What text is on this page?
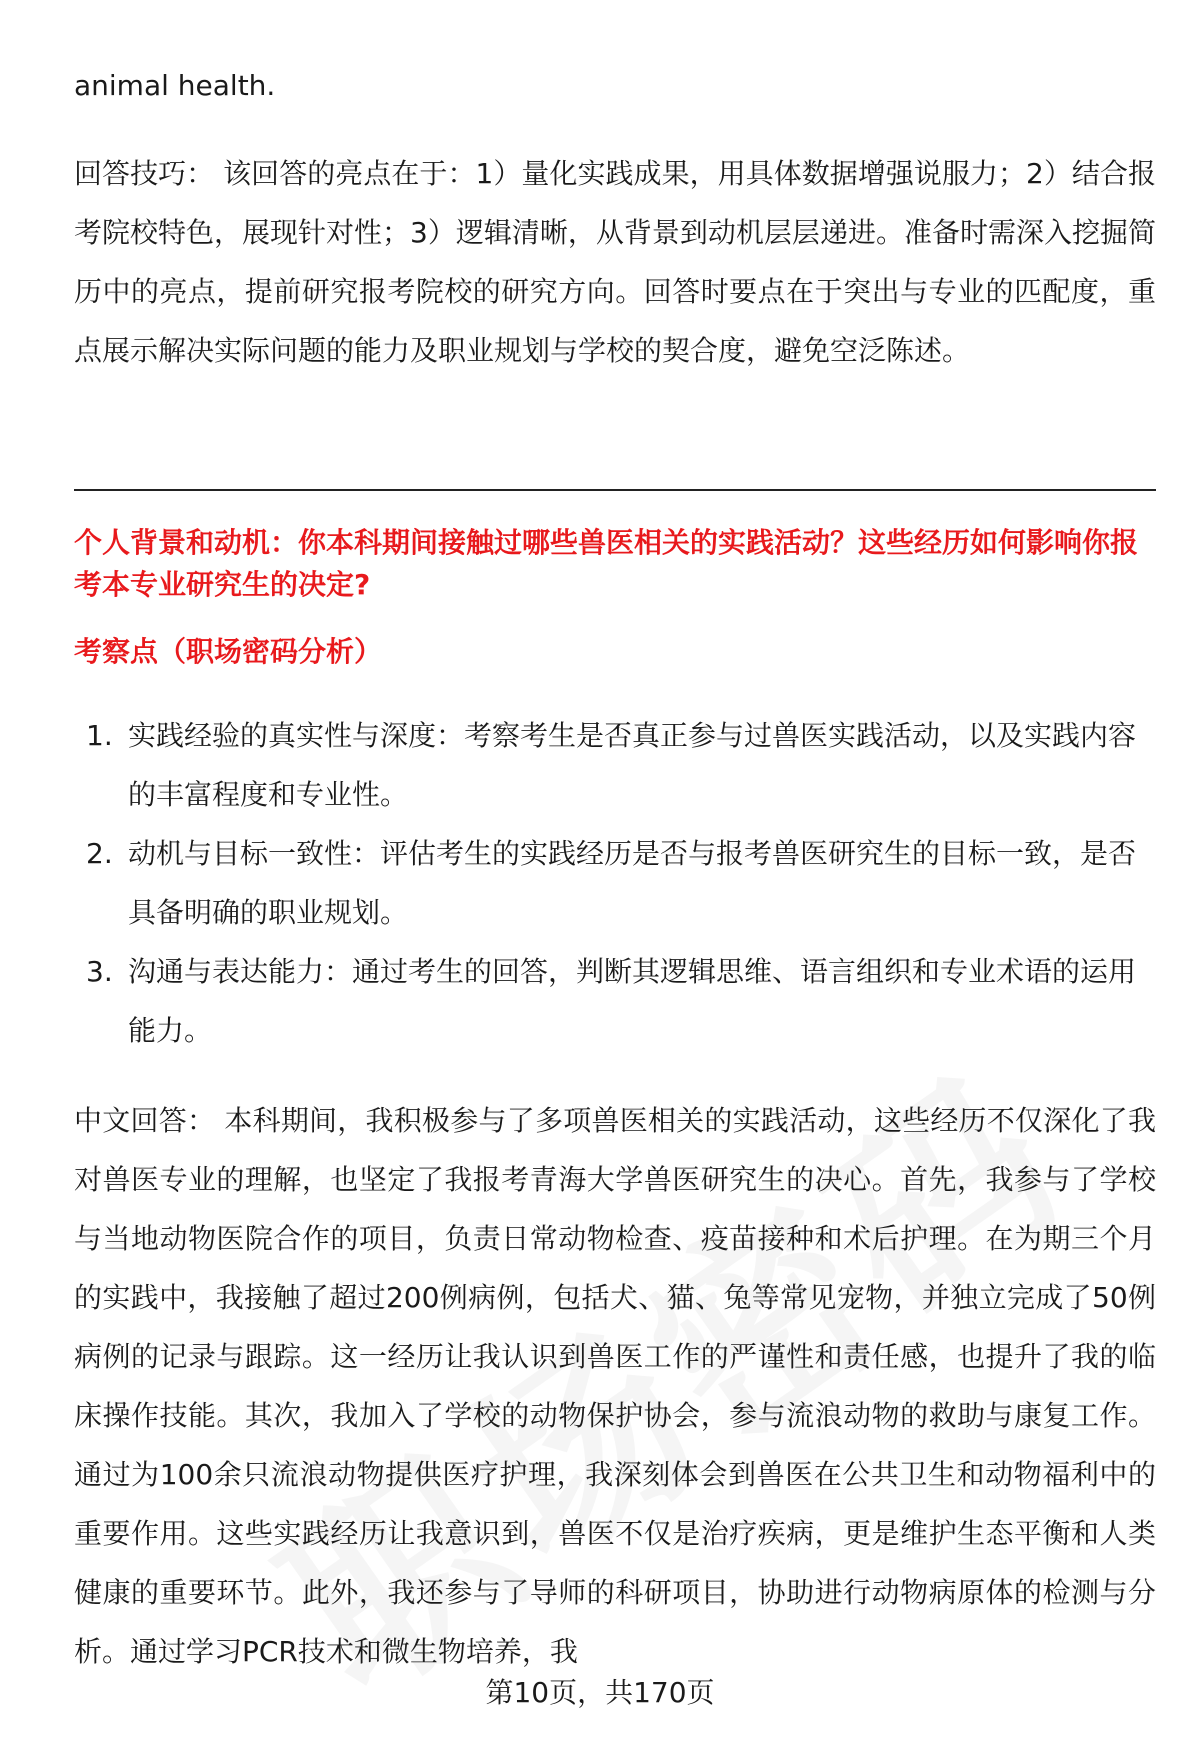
animal health.

回答技巧： 该回答的亮点在于：1）量化实践成果，用具体数据增强说服力；2）结合报考院校特色，展现针对性；3）逻辑清晰，从背景到动机层层递进。准备时需深入挖掘简历中的亮点，提前研究报考院校的研究方向。回答时要点在于突出与专业的匹配度，重点展示解决实际问题的能力及职业规划与学校的契合度，避免空泛陈述。

个人背景和动机：你本科期间接触过哪些兽医相关的实践活动？这些经历如何影响你报考本专业研究生的决定?

考察点（职场密码分析）

1. 实践经验的真实性与深度：考察考生是否真正参与过兽医实践活动，以及实践内容的丰富程度和专业性。
2. 动机与目标一致性：评估考生的实践经历是否与报考兽医研究生的目标一致，是否具备明确的职业规划。
3. 沟通与表达能力：通过考生的回答，判断其逻辑思维、语言组织和专业术语的运用能力。

中文回答： 本科期间，我积极参与了多项兽医相关的实践活动，这些经历不仅深化了我对兽医专业的理解，也坚定了我报考青海大学兽医研究生的决心。首先，我参与了学校与当地动物医院合作的项目，负责日常动物检查、疫苗接种和术后护理。在为期三个月的实践中，我接触了超过200例病例，包括犬、猫、兔等常见宠物，并独立完成了50例病例的记录与跟踪。这一经历让我认识到兽医工作的严谨性和责任感，也提升了我的临床操作技能。其次，我加入了学校的动物保护协会，参与流浪动物的救助与康复工作。通过为100余只流浪动物提供医疗护理，我深刻体会到兽医在公共卫生和动物福利中的重要作用。这些实践经历让我意识到，兽医不仅是治疗疾病，更是维护生态平衡和人类健康的重要环节。此外，我还参与了导师的科研项目，协助进行动物病原体的检测与分析。通过学习PCR技术和微生物培养，我

第10页，共170页
